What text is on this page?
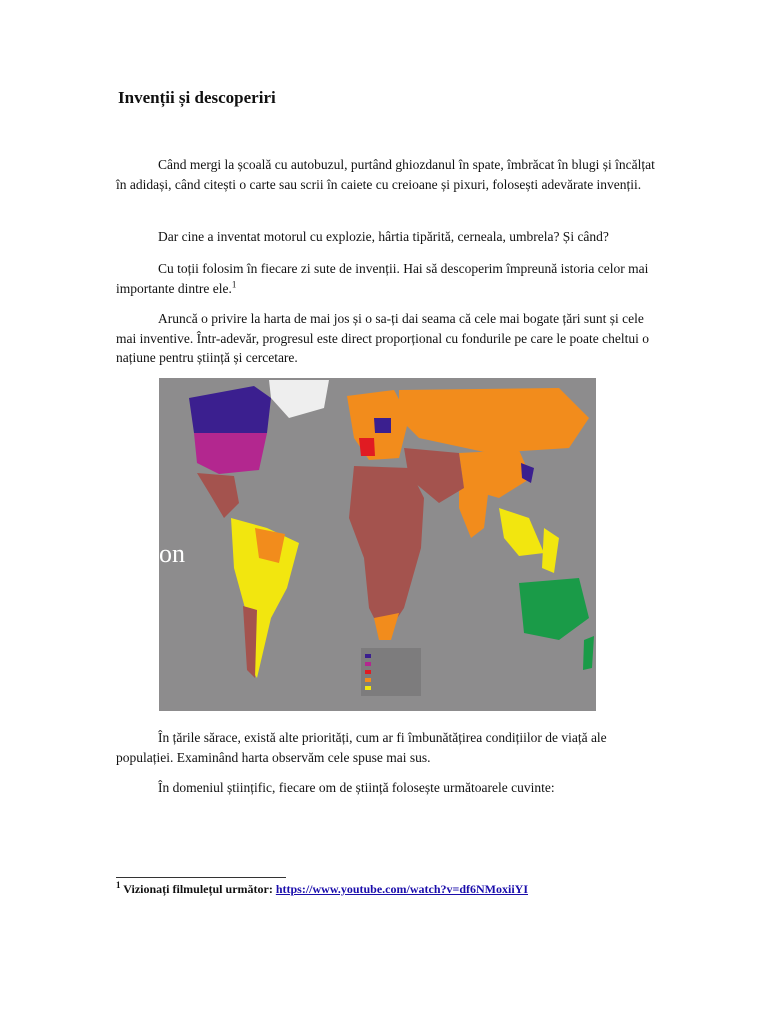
Invenții și descoperiri

Când mergi la școală cu autobuzul, purtând ghiozdanul în spate, îmbrăcat în blugi și încălțat în adidași, când citești o carte sau scrii în caiete cu creioane și pixuri, folosești adevărate invenții.

Dar cine a inventat motorul cu explozie, hârtia tipărită, cerneala, umbrela? Și când?

Cu toții folosim în fiecare zi sute de invenții. Hai să descoperim împreună istoria celor mai importante dintre ele.$^1$

Aruncă o privire la harta de mai jos și o sa-ți dai seama că cele mai bogate țări sunt și cele mai inventive. Într-adevăr, progresul este direct proporțional cu fondurile pe care le poate cheltui o națiune pentru știință și cercetare.

on

În țările sărace, există alte priorități, cum ar fi îmbunătățirea condițiilor de viață ale populației. Examinând harta observăm cele spuse mai sus.

În domeniul științific, fiecare om de știință folosește următoarele cuvinte:

$^1$ Vizionați filmulețul următor: https://www.youtube.com/watch?v=df6NMoxiiYI
